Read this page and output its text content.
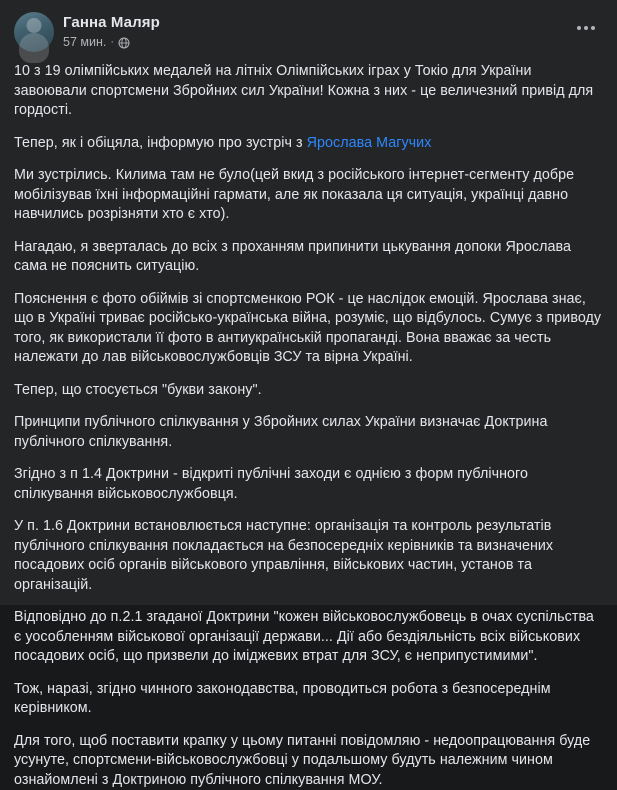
Ганна Маляр
57 мин. ·

10 з 19 олімпійських медалей на літніх Олімпійських іграх у Токіо для України завоювали спортсмени Збройних сил України! Кожна з них - це величезний привід для гордості.

Тепер, як і обіцяла, інформую про зустріч з Ярослава Магучих

Ми зустрілись. Килима там не було(цей вкид з російського інтернет-сегменту добре мобілізував їхні інформаційні гармати, але як показала ця ситуація, українці давно навчились розрізняти хто є хто).

Нагадаю, я зверталась до всіх з проханням припинити цькування допоки Ярослава сама не пояснить ситуацію.

Пояснення є фото обіймів зі спортсменкою РОК - це наслідок емоцій. Ярослава знає, що в Україні триває російсько-українська війна, розуміє, що відбулось. Сумує з приводу того, як використали її фото в антиукраїнській пропаганді. Вона вважає за честь належати до лав військовослужбовців ЗСУ та вірна Україні.

Тепер, що стосується "букви закону".

Принципи публічного спілкування у Збройних силах України визначає Доктрина публічного спілкування.

Згідно з п 1.4 Доктрини - відкриті публічні заходи є однією з форм публічного спілкування військовослужбовця.

У п. 1.6 Доктрини встановлюється наступне: організація та контроль результатів публічного спілкування покладається на безпосередніх керівників та визначених посадових осіб органів військового управління, військових частин, установ та організацій.

Відповідно до п.2.1 згаданої Доктрини "кожен військовослужбовець в очах суспільства є уособленням військової організації держави... Дії або бездіяльність всіх військових посадових осіб, що призвели до іміджевих втрат для ЗСУ, є неприпустимими".

Тож, наразі, згідно чинного законодавства, проводиться робота з безпосереднім керівником.

Для того, щоб поставити крапку у цьому питанні повідомляю - недоопрацювання буде усунуте, спортсмени-військовослужбовці у подальшому будуть належним чином ознайомлені з Доктриною публічного спілкування МОУ.
